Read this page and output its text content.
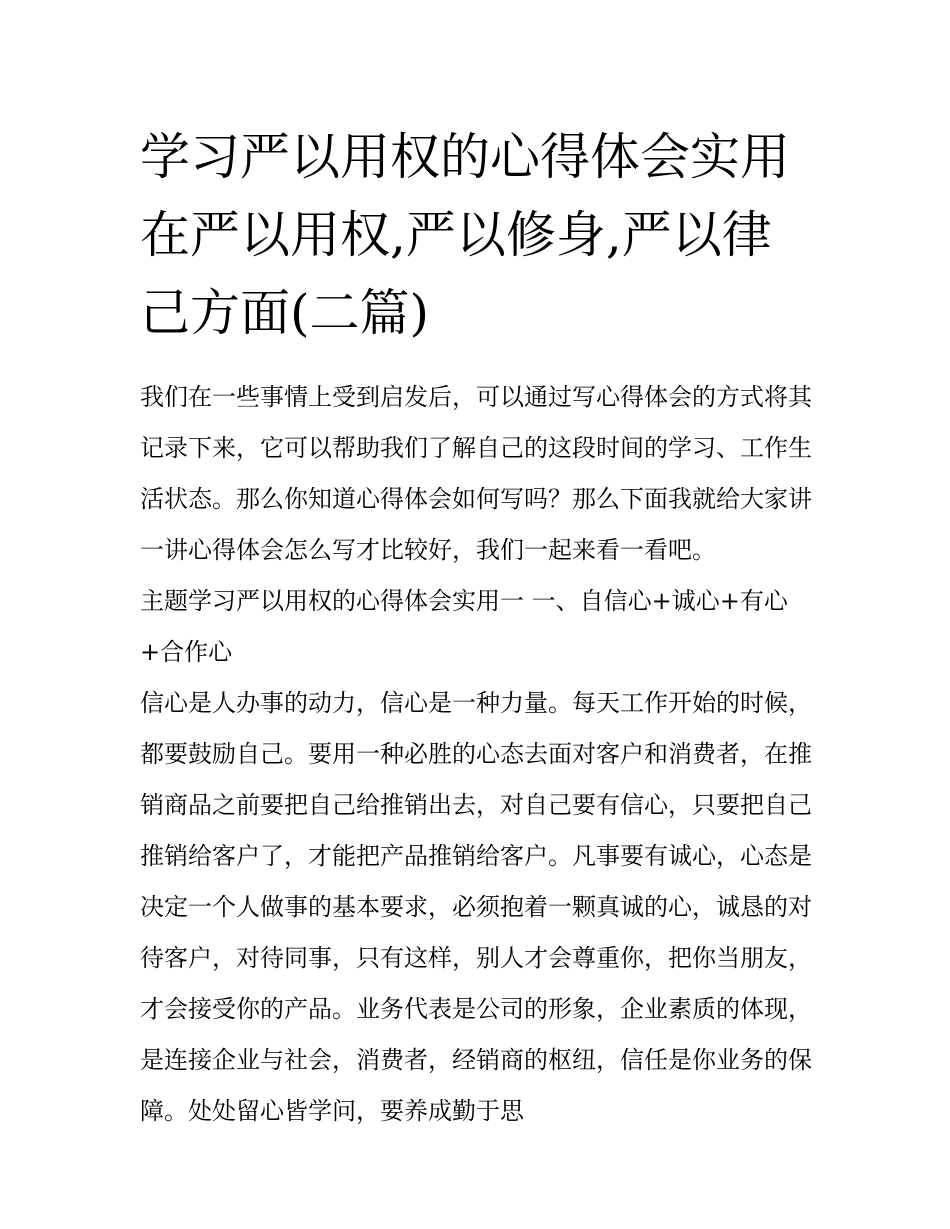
学习严以用权的心得体会实用在严以用权,严以修身,严以律己方面(二篇)

我们在一些事情上受到启发后，可以通过写心得体会的方式将其记录下来，它可以帮助我们了解自己的这段时间的学习、工作生活状态。那么你知道心得体会如何写吗？那么下面我就给大家讲一讲心得体会怎么写才比较好，我们一起来看一看吧。

主题学习严以用权的心得体会实用一 一、自信心+诚心+有心+合作心

信心是人办事的动力，信心是一种力量。每天工作开始的时候，都要鼓励自己。要用一种必胜的心态去面对客户和消费者，在推销商品之前要把自己给推销出去，对自己要有信心，只要把自己推销给客户了，才能把产品推销给客户。凡事要有诚心，心态是决定一个人做事的基本要求，必须抱着一颗真诚的心，诚恳的对待客户，对待同事，只有这样，别人才会尊重你，把你当朋友，才会接受你的产品。业务代表是公司的形象，企业素质的体现，是连接企业与社会，消费者，经销商的枢纽，信任是你业务的保障。处处留心皆学问，要养成勤于思
